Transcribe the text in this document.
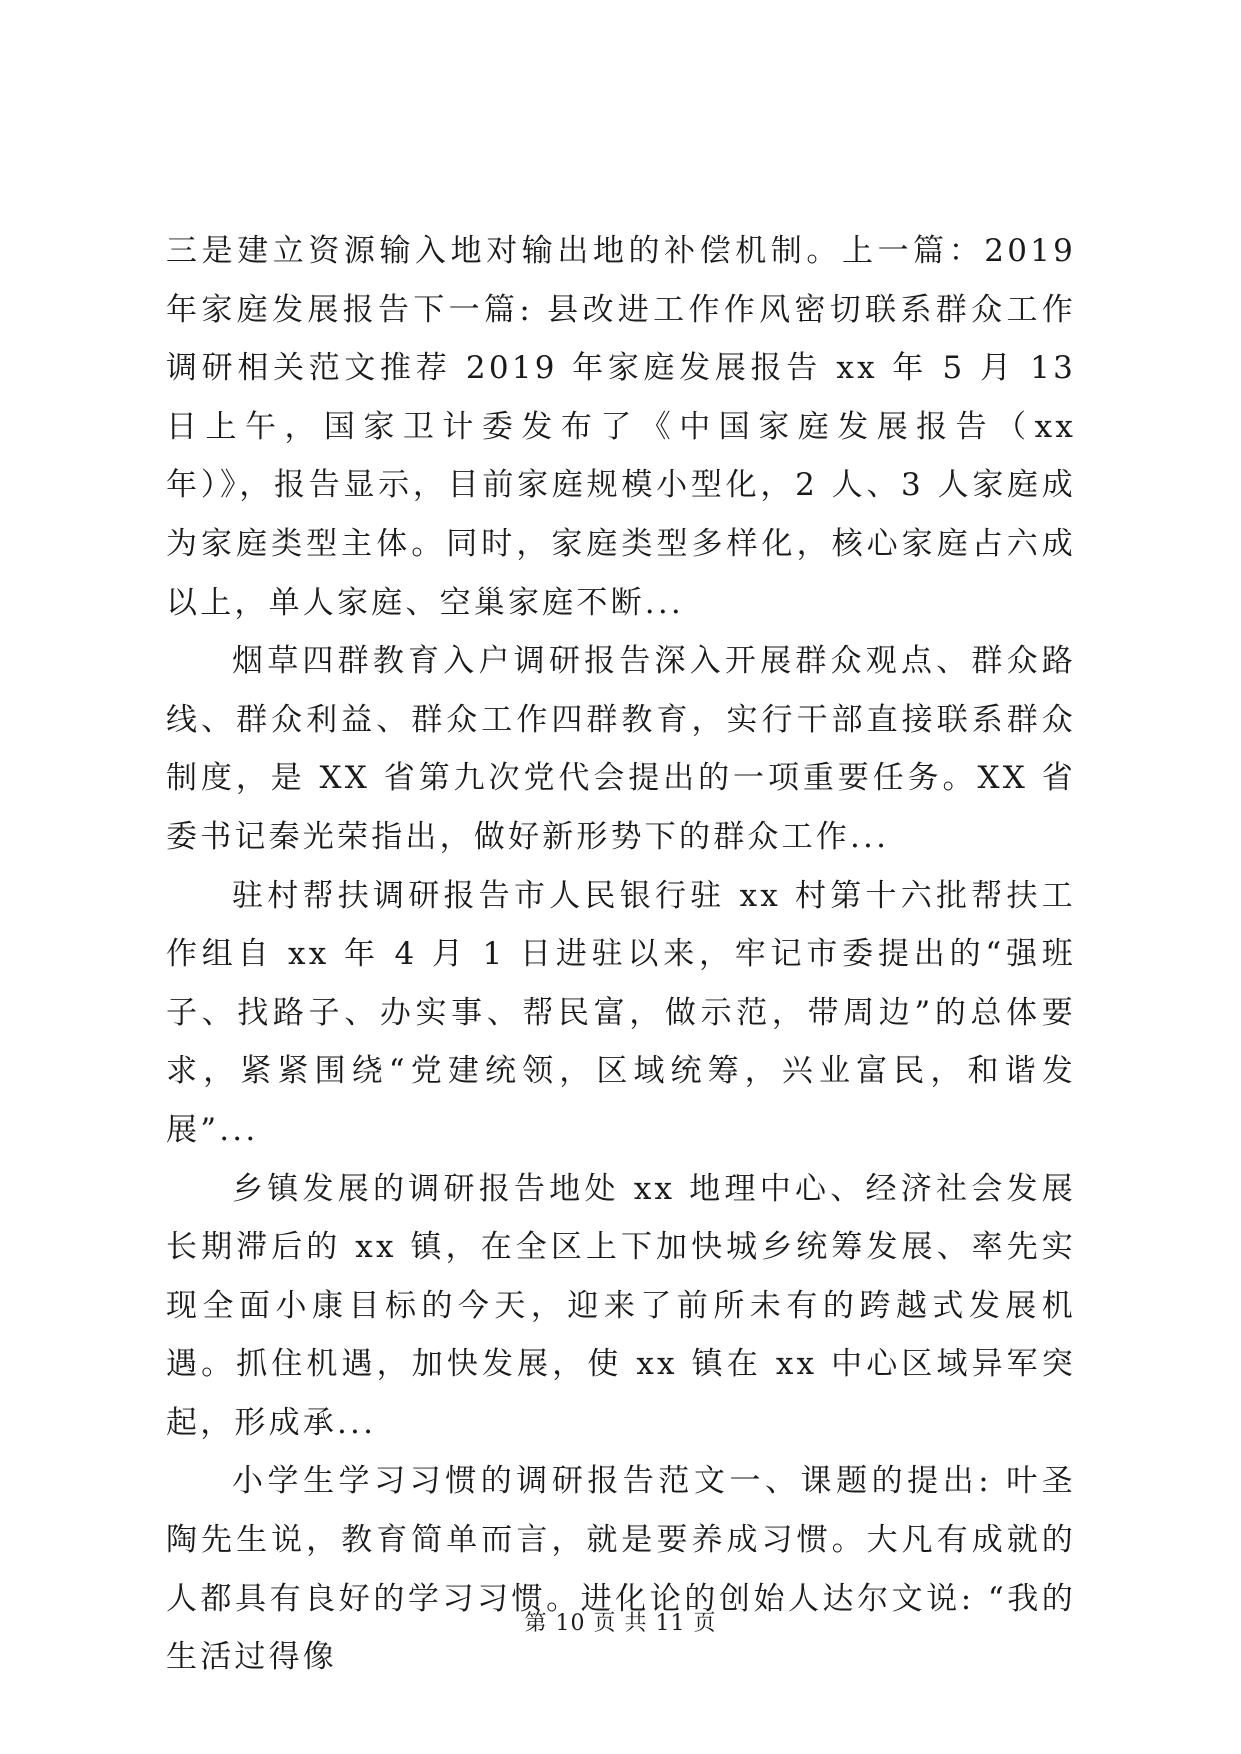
三是建立资源输入地对输出地的补偿机制。上一篇：2019 年家庭发展报告下一篇: 县改进工作作风密切联系群众工作调研相关范文推荐 2019 年家庭发展报告 xx 年 5 月 13 日上午，国家卫计委发布了《中国家庭发展报告（xx 年）》，报告显示，目前家庭规模小型化，2 人、3 人家庭成为家庭类型主体。同时，家庭类型多样化，核心家庭占六成以上，单人家庭、空巢家庭不断...

烟草四群教育入户调研报告深入开展群众观点、群众路线、群众利益、群众工作四群教育，实行干部直接联系群众制度，是 XX 省第九次党代会提出的一项重要任务。XX 省委书记秦光荣指出，做好新形势下的群众工作...

驻村帮扶调研报告市人民银行驻 xx 村第十六批帮扶工作组自 xx 年 4 月 1 日进驻以来，牢记市委提出的“强班子、找路子、办实事、帮民富，做示范，带周边”的总体要求，紧紧围绕“党建统领，区域统筹，兴业富民，和谐发展”...

乡镇发展的调研报告地处 xx 地理中心、经济社会发展长期滞后的 xx 镇，在全区上下加快城乡统筹发展、率先实现全面小康目标的今天，迎来了前所未有的跨越式发展机遇。抓住机遇，加快发展，使 xx 镇在 xx 中心区域异军突起，形成承...

小学生学习习惯的调研报告范文一、课题的提出: 叶圣陶先生说，教育简单而言，就是要养成习惯。大凡有成就的人都具有良好的学习习惯。进化论的创始人达尔文说: “我的生活过得像

第 10 页 共 11 页
